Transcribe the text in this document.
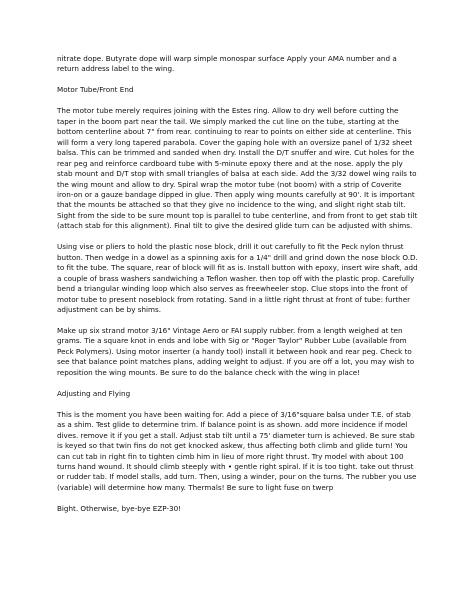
nitrate dope. Butyrate dope will warp simple monospar surface Apply your AMA number and a return address label to the wing.

Motor Tube/Front End

The motor tube merely requires joining with the Estes ring. Allow to dry well before cutting the taper in the boom part near the tail. We simply marked the cut line on the tube, starting at the bottom centerline about 7" from rear. continuing to rear to points on either side at centerline. This will form a very long tapered parabola. Cover the gaping hole with an oversize panel of 1/32 sheet balsa. This can be trimmed and sanded when dry. Install the D/T snuffer and wire. Cut holes for the rear peg and reinforce cardboard tube with 5-minute epoxy there and at the nose. apply the ply stab mount and D/T stop with small triangles of balsa at each side. Add the 3/32 dowel wing rails to the wing mount and allow to dry. Spiral wrap the motor tube (not boom) with a strip of Coverite iron-on or a gauze bandage dipped in glue. Then apply wing mounts carefully at 90'. It is important that the mounts be attached so that they give no incidence to the wing, and slight right stab tilt. Sight from the side to be sure mount top is parallel to tube centerline, and from front to get stab tilt (attach stab for this alignment). Final tilt to give the desired glide turn can be adjusted with shims.

Using vise or pliers to hold the plastic nose block, drill it out carefully to fit the Peck nylon thrust button. Then wedge in a dowel as a spinning axis for a 1/4" drill and grind down the nose block O.D. to fit the tube. The square, rear of block will fit as is. Install button with epoxy, insert wire shaft, add a couple of brass washers sandwiching a Teflon washer. then top off with the plastic prop. Carefully bend a triangular winding loop which also serves as freewheeler stop. Clue stops into the front of motor tube to present noseblock from rotating. Sand in a little right thrust at front of tube: further adjustment can be by shims.

Make up six strand motor 3/16" Vintage Aero or FAI supply rubber. from a length weighed at ten grams. Tie a square knot in ends and lobe with Sig or "Roger Taylor" Rubber Lube (available from Peck Polymers). Using motor inserter (a handy tool) install it between hook and rear peg. Check to see that balance point matches plans, adding weight to adjust. If you are off a lot, you may wish to reposition the wing mounts. Be sure to do the balance check with the wing in place!

Adjusting and Flying

This is the moment you have been waiting for. Add a piece of 3/16"square balsa under T.E. of stab as a shim. Test glide to determine trim. If balance point is as shown. add more incidence if model dives. remove it if you get a stall. Adjust stab tilt until a 75' diameter turn is achieved. Be sure stab is keyed so that twin fins do not get knocked askew, thus affecting both climb and glide turn! You can cut tab in right fin to tighten cimb him in lieu of more right thrust. Try model with about 100 turns hand wound. It should climb steeply with • gentle right spiral. If it is too tight. take out thrust or rudder tab. If model stalls, add turn. Then, using a winder, pour on the turns. The rubber you use (variable) will determine how many. Thermals! Be sure to light fuse on twerp

Bight. Otherwise, bye-bye EZP-30!
